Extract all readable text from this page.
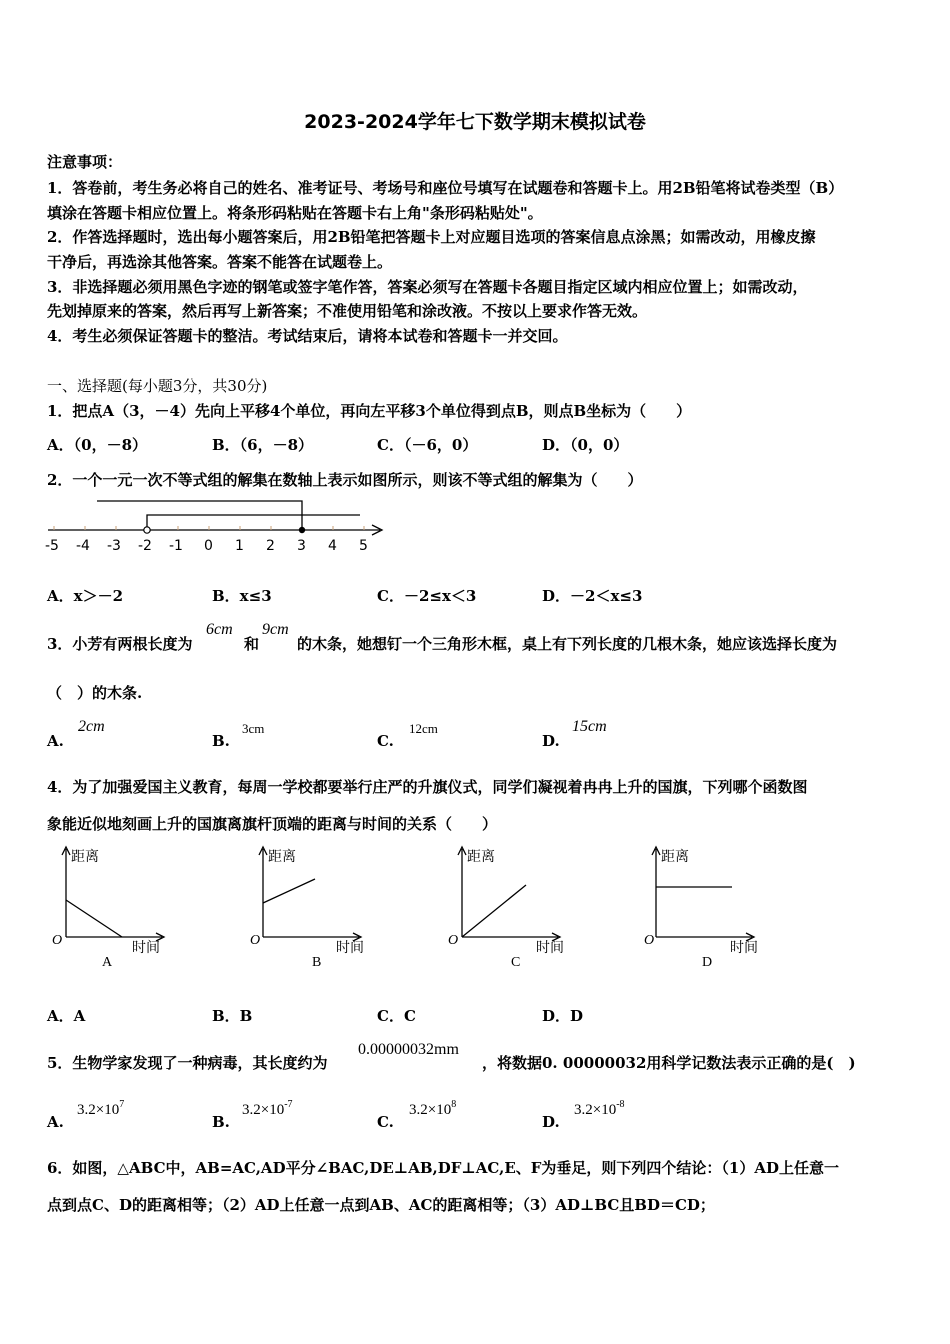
2023-2024学年七下数学期末模拟试卷
注意事项：
1．答卷前，考生务必将自己的姓名、准考证号、考场号和座位号填写在试题卷和答题卡上。用2B铅笔将试卷类型（B）
填涂在答题卡相应位置上。将条形码粘贴在答题卡右上角"条形码粘贴处"。
2．作答选择题时，选出每小题答案后，用2B铅笔把答题卡上对应题目选项的答案信息点涂黑；如需改动，用橡皮擦
干净后，再选涂其他答案。答案不能答在试题卷上。
3．非选择题必须用黑色字迹的钢笔或签字笔作答，答案必须写在答题卡各题目指定区域内相应位置上；如需改动，
先划掉原来的答案，然后再写上新答案；不准使用铅笔和涂改液。不按以上要求作答无效。
4．考生必须保证答题卡的整洁。考试结束后，请将本试卷和答题卡一并交回。
一、选择题(每小题3分，共30分)
1．把点A（3，－4）先向上平移4个单位，再向左平移3个单位得到点B，则点B坐标为（　　）
A．（0，－8）	B．（6，－8）	C．（－6，0）	D．（0，0）
2．一个一元一次不等式组的解集在数轴上表示如图所示，则该不等式组的解集为（　　）
-5 -4 -3 -2 -1 0 1 2 3 4 5
A．x＞－2	B．x≤3	C．－2≤x＜3	D．－2＜x≤3
3．小芳有两根长度为
6cm
和
9cm
的木条，她想钉一个三角形木框，桌上有下列长度的几根木条，她应该选择长度为
（　）的木条.
A.
2cm
B.
3cm
C.
12cm
D.
15cm
4．为了加强爱国主义教育，每周一学校都要举行庄严的升旗仪式，同学们凝视着冉冉上升的国旗，下列哪个函数图
象能近似地刻画上升的国旗离旗杆顶端的距离与时间的关系（　　）
距离
O	时间
A
距离
O	时间
B
距离
O	时间
C
距离
O	时间
D
A．A	B．B	C．C	D．D
5．生物学家发现了一种病毒，其长度约为
0.00000032mm
，将数据0. 00000032用科学记数法表示正确的是(　)
A.
$3.2\times 10^7$
B.
$3.2\times 10^{-7}$
C.
$3.2\times 10^8$
D.
$3.2\times 10^{-8}$
6．如图，△ABC中，AB=AC,AD平分∠BAC,DE⊥AB,DF⊥AC,E、F为垂足，则下列四个结论：（1）AD上任意一
点到点C、D的距离相等；（2）AD上任意一点到AB、AC的距离相等；（3）AD⊥BC且BD＝CD；
